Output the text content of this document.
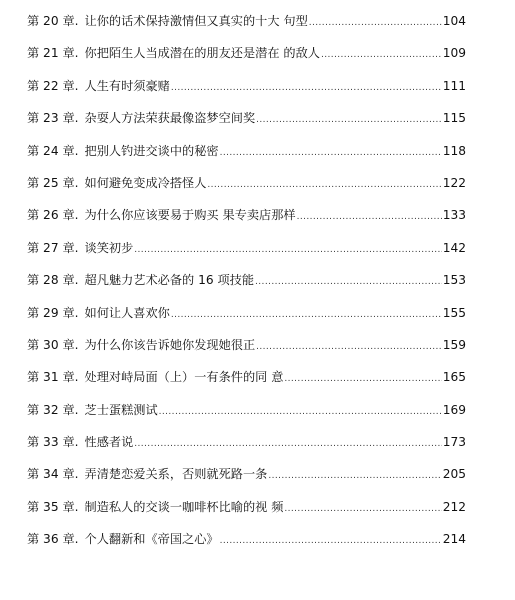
第 20 章. 让你的话术保持激情但又真实的十大 句型 .....	104
第 21 章. 你把陌生人当成潜在的朋友还是潜在 的敌人 .....	109
第 22 章. 人生有时须豪赌 .....	111
第 23 章. 杂耍人方法荣获最像盗梦空间奖 .....	115
第 24 章. 把别人钓进交谈中的秘密 .....	118
第 25 章. 如何避免变成冷搭怪人 .....	122
第 26 章. 为什么你应该要易于购买 果专卖店那样 .....	133
第 27 章. 谈笑初步 .....	142
第 28 章. 超凡魅力艺术必备的 16 项技能 .....	153
第 29 章. 如何让人喜欢你 .....	155
第 30 章. 为什么你该告诉她你发现她很正 .....	159
第 31 章. 处理对峙局面（上）一有条件的同 意 .....	165
第 32 章. 芝士蛋糕测试 .....	169
第 33 章. 性感者说 .....	173
第 34 章. 弄清楚恋爱关系，否则就死路一条 .....	205
第 35 章. 制造私人的交谈一咖啡杯比喻的视 频 .....	212
第 36 章. 个人翻新和《帝国之心》 .....	214
